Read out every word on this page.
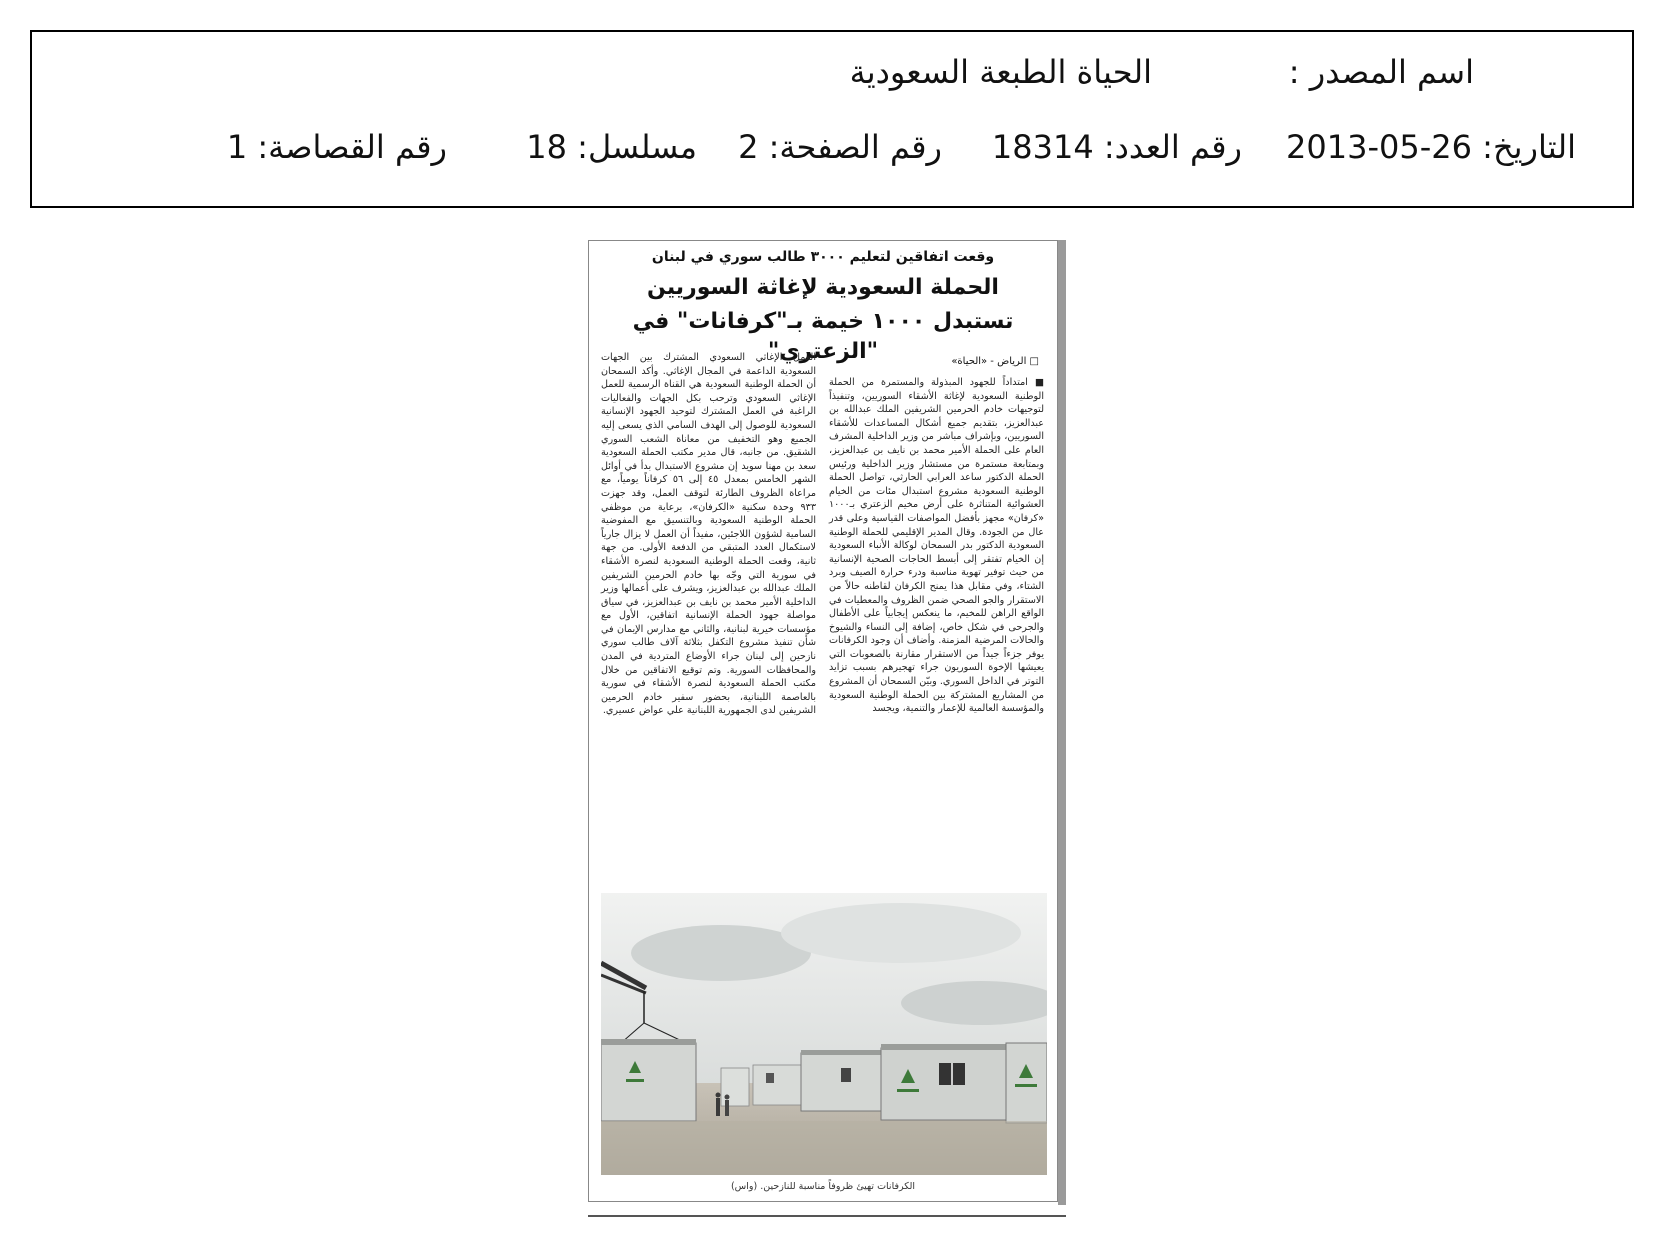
اسم المصدر :
الحياة الطبعة السعودية
التاريخ: 26-05-2013
رقم العدد: 18314
رقم الصفحة: 2
مسلسل: 18
رقم القصاصة: 1
وقعت اتفاقين لتعليم ٣٠٠٠ طالب سوري في لبنان
الحملة السعودية لإغاثة السوريين
تستبدل ١٠٠٠ خيمة بـ"كرفانات" في "الزعتري"	□ الرياض - «الحياة»
■ امتداداً للجهود المبذولة والمستمرة من الحملة الوطنية السعودية لإغاثة الأشقاء السوريين، وتنفيذاً لتوجيهات خادم الحرمين الشريفين الملك عبدالله بن عبدالعزيز، بتقديم جميع أشكال المساعدات للأشقاء السوريين، وبإشراف مباشر من وزير الداخلية المشرف العام على الحملة الأمير محمد بن نايف بن عبدالعزيز، وبمتابعة مستمرة من مستشار وزير الداخلية ورئيس الحملة الدكتور ساعد العرابي الحارثي، تواصل الحملة الوطنية السعودية مشروع استبدال مئات من الخيام العشوائية المتناثرة على أرض مخيم الزعتري بـ١٠٠٠ «كرفان» مجهز بأفضل المواصفات القياسية وعلى قدر عال من الجودة. وقال المدير الإقليمي للحملة الوطنية السعودية الدكتور بدر السمحان لوكالة الأنباء السعودية إن الخيام تفتقر إلى أبسط الحاجات الصحية الإنسانية من حيث توفير تهوية مناسبة ودرء حرارة الصيف وبرد الشتاء، وفي مقابل هذا يمنح الكرفان لقاطنه حالاً من الاستقرار والجو الصحي ضمن الظروف والمعطيات في الواقع الراهن للمخيم، ما ينعكس إيجابياً على الأطفال والجرحى في شكل خاص، إضافة إلى النساء والشيوخ والحالات المرضية المزمنة. وأضاف أن وجود الكرفانات يوفر جزءاً جيداً من الاستقرار مقارنة بالصعوبات التي يعيشها الإخوة السوريون جراء تهجيرهم بسبب تزايد التوتر في الداخل السوري. وبيّن السمحان أن المشروع من المشاريع المشتركة بين الحملة الوطنية السعودية والمؤسسة العالمية للإعمار والتنمية، ويجسد
العمل الإغاثي السعودي المشترك بين الجهات السعودية الداعمة في المجال الإغاثي. وأكد السمحان أن الحملة الوطنية السعودية هي القناة الرسمية للعمل الإغاثي السعودي وترحب بكل الجهات والفعاليات الراغبة في العمل المشترك لتوحيد الجهود الإنسانية السعودية للوصول إلى الهدف السامي الذي يسعى إليه الجميع وهو التخفيف من معاناة الشعب السوري الشقيق. من جانبه، قال مدير مكتب الحملة السعودية سعد بن مهنا سويد إن مشروع الاستبدال بدأ في أوائل الشهر الخامس بمعدل ٤٥ إلى ٥٦ كرفاناً يومياً، مع مراعاة الظروف الطارئة لتوقف العمل، وقد جهزت ٩٣٣ وحدة سكنية «الكرفان»، برعاية من موظفي الحملة الوطنية السعودية وبالتنسيق مع المفوضية السامية لشؤون اللاجئين، مفيداً أن العمل لا يزال جارياً لاستكمال العدد المتبقي من الدفعة الأولى. من جهة ثانية، وقعت الحملة الوطنية السعودية لنصرة الأشقاء في سورية التي وجّه بها خادم الحرمين الشريفين الملك عبدالله بن عبدالعزيز، ويشرف على أعمالها وزير الداخلية الأمير محمد بن نايف بن عبدالعزيز، في سياق مواصلة جهود الحملة الإنسانية اتفاقين، الأول مع مؤسسات خيرية لبنانية، والثاني مع مدارس الإيمان في شأن تنفيذ مشروع التكفل بثلاثة آلاف طالب سوري نازحين إلى لبنان جراء الأوضاع المتردية في المدن والمحافظات السورية. وتم توقيع الاتفاقين من خلال مكتب الحملة السعودية لنصرة الأشقاء في سورية بالعاصمة اللبنانية، بحضور سفير خادم الحرمين الشريفين لدى الجمهورية اللبنانية علي عواض عسيري.
الكرفانات تهيئ ظروفاً مناسبة للنازحين. (واس)
